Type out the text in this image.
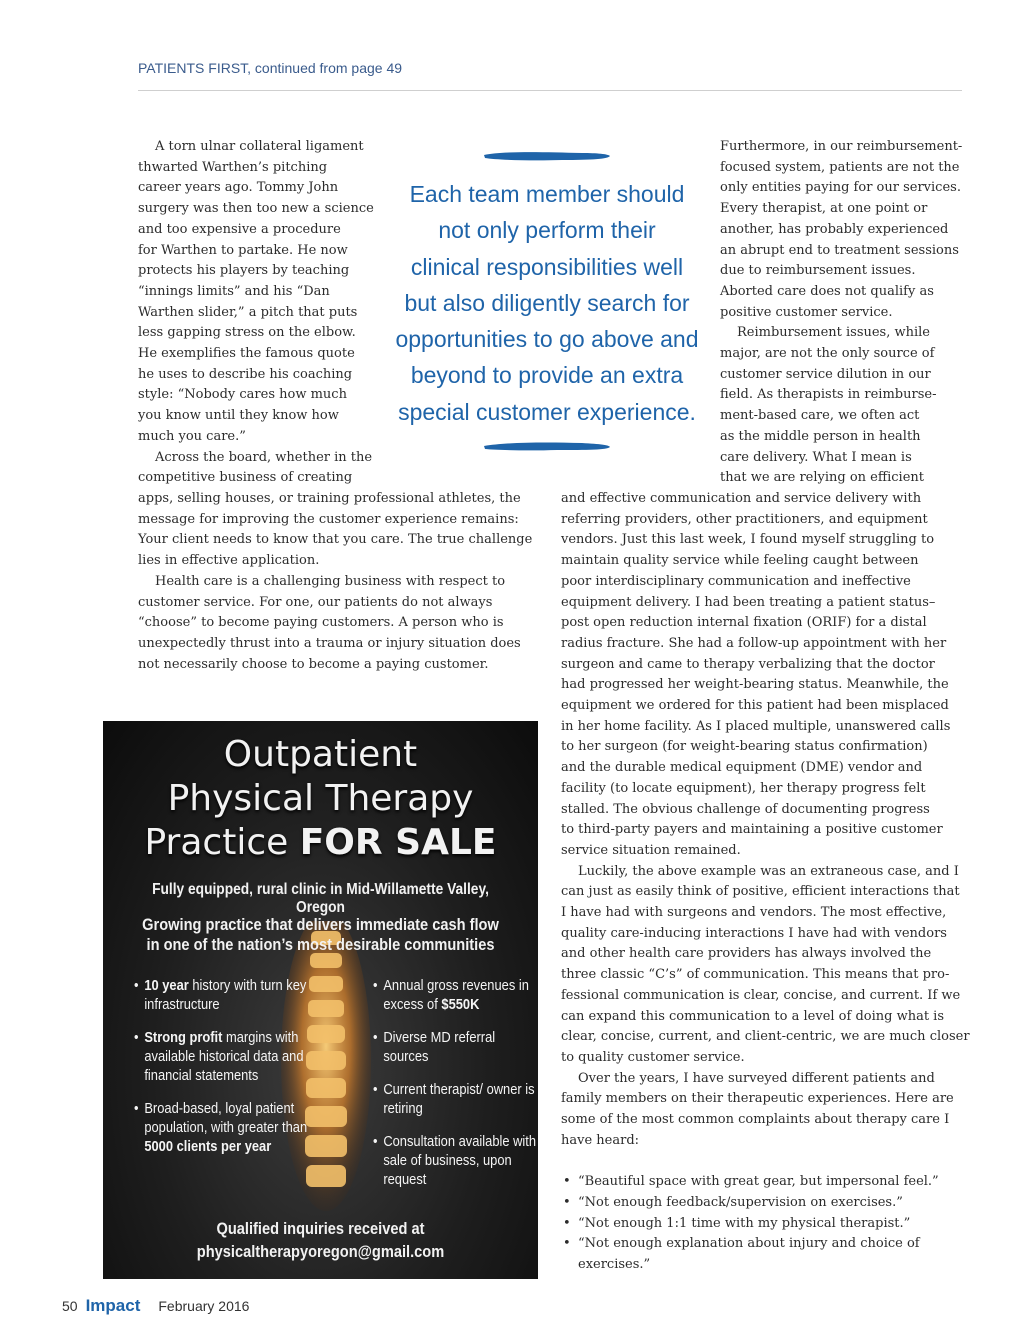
PATIENTS FIRST, continued from page 49
A torn ulnar collateral ligament
thwarted Warthen’s pitching
career years ago. Tommy John
surgery was then too new a science
and too expensive a procedure
for Warthen to partake. He now
protects his players by teaching
“innings limits” and his “Dan
Warthen slider,” a pitch that puts
less gapping stress on the elbow.
He exemplifies the famous quote
he uses to describe his coaching
style: “Nobody cares how much
you know until they know how
much you care.”
Across the board, whether in the
competitive business of creating
apps, selling houses, or training professional athletes, the
message for improving the customer experience remains:
Your client needs to know that you care. The true challenge
lies in effective application.
Health care is a challenging business with respect to
customer service. For one, our patients do not always
“choose” to become paying customers. A person who is
unexpectedly thrust into a trauma or injury situation does
not necessarily choose to become a paying customer.
Each team member should
not only perform their
clinical responsibilities well
but also diligently search for
opportunities to go above and
beyond to provide an extra
special customer experience.
Furthermore, in our reimbursement-
focused system, patients are not the
only entities paying for our services.
Every therapist, at one point or
another, has probably experienced
an abrupt end to treatment sessions
due to reimbursement issues.
Aborted care does not qualify as
positive customer service.
Reimbursement issues, while
major, are not the only source of
customer service dilution in our
field. As therapists in reimburse-
ment-based care, we often act
as the middle person in health
care delivery. What I mean is
that we are relying on efficient
and effective communication and service delivery with
referring providers, other practitioners, and equipment
vendors. Just this last week, I found myself struggling to
maintain quality service while feeling caught between
poor interdisciplinary communication and ineffective
equipment delivery. I had been treating a patient status–
post open reduction internal fixation (ORIF) for a distal
radius fracture. She had a follow-up appointment with her
surgeon and came to therapy verbalizing that the doctor
had progressed her weight-bearing status. Meanwhile, the
equipment we ordered for this patient had been misplaced
in her home facility. As I placed multiple, unanswered calls
to her surgeon (for weight-bearing status confirmation)
and the durable medical equipment (DME) vendor and
facility (to locate equipment), her therapy progress felt
stalled. The obvious challenge of documenting progress
to third-party payers and maintaining a positive customer
service situation remained.
Luckily, the above example was an extraneous case, and I
can just as easily think of positive, efficient interactions that
I have had with surgeons and vendors. The most effective,
quality care-inducing interactions I have had with vendors
and other health care providers has always involved the
three classic “C’s” of communication. This means that pro-
fessional communication is clear, concise, and current. If we
can expand this communication to a level of doing what is
clear, concise, current, and client-centric, we are much closer
to quality customer service.
Over the years, I have surveyed different patients and
family members on their therapeutic experiences. Here are
some of the most common complaints about therapy care I
have heard:
• “Beautiful space with great gear, but impersonal feel.”
• “Not enough feedback/supervision on exercises.”
• “Not enough 1:1 time with my physical therapist.”
• “Not enough explanation about injury and choice of
exercises.”
Outpatient
Physical Therapy
Practice FOR SALE
Fully equipped, rural clinic in Mid-Willamette Valley, Oregon
Growing practice that delivers immediate cash flow
in one of the nation’s most desirable communities
• 10 year history with turn key infrastructure
• Strong profit margins with available historical data and financial statements
• Broad-based, loyal patient population, with greater than 5000 clients per year
• Annual gross revenues in excess of $550K
• Diverse MD referral sources
• Current therapist/ owner is retiring
• Consultation available with sale of business, upon request
Qualified inquiries received at
physicaltherapyoregon@gmail.com
50 Impact February 2016
